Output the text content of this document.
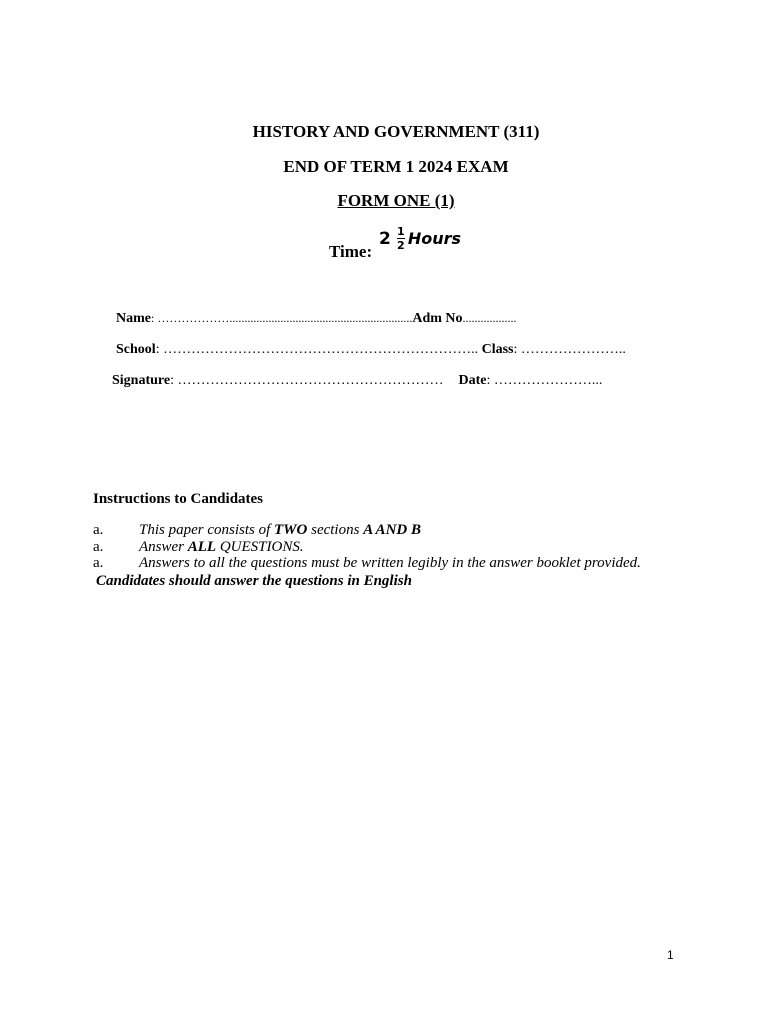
HISTORY AND GOVERNMENT (311)
END OF TERM 1 2024 EXAM
FORM ONE (1)
Time:
$2 \frac{1}{2}$ Hours
Name: ……………….............................................................Adm No..................
School: ………………………………………………………….. Class: …………………..
Signature: ………………………………………………… Date: …………………...
Instructions to Candidates
a. This paper consists of TWO sections A AND B
a. Answer ALL QUESTIONS.
a. Answers to all the questions must be written legibly in the answer booklet provided.
Candidates should answer the questions in English
1
